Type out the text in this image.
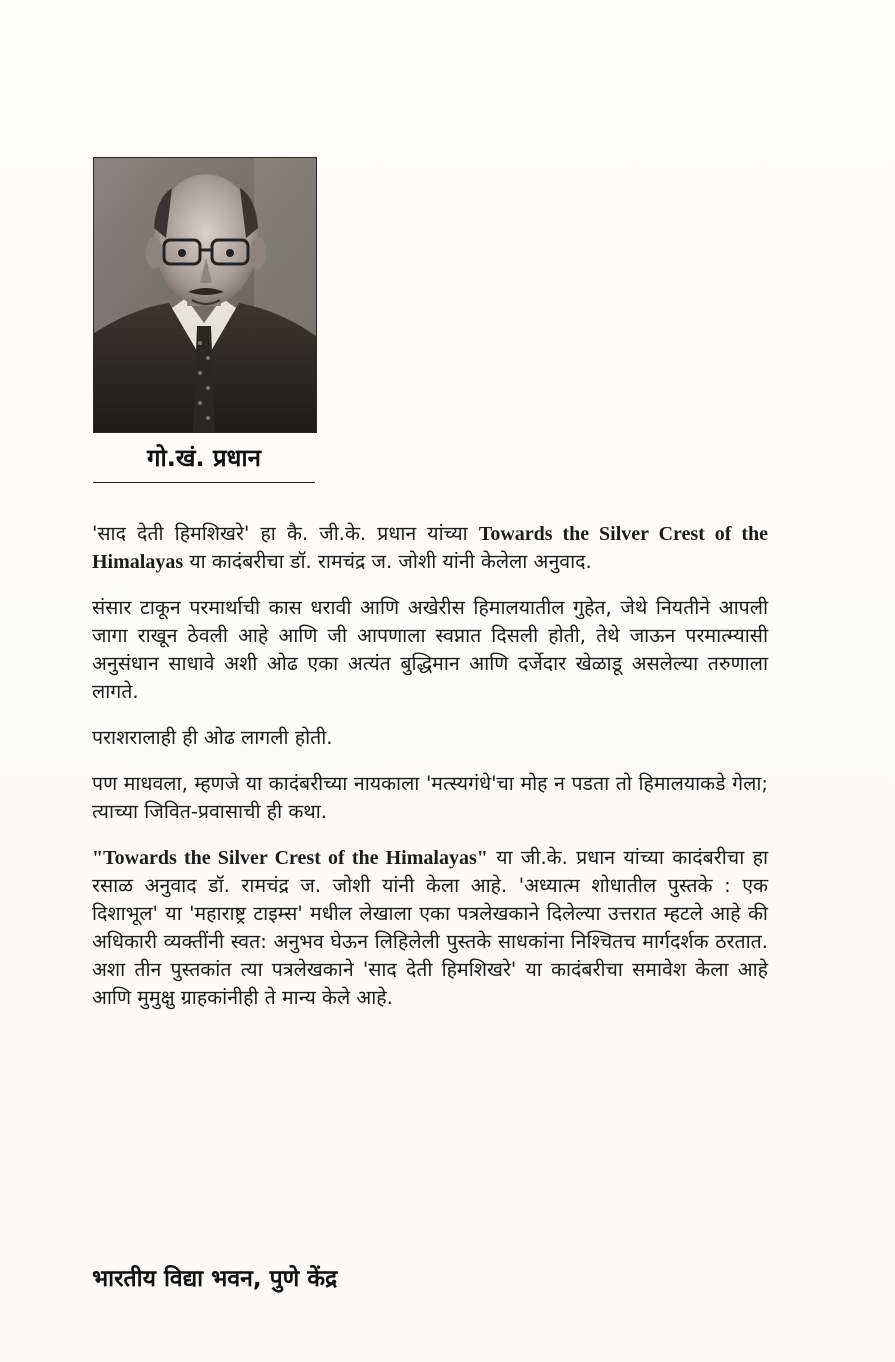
गो.खं. प्रधान

'साद देती हिमशिखरे' हा कै. जी.के. प्रधान यांच्या Towards the Silver Crest of the Himalayas या कादंबरीचा डॉ. रामचंद्र ज. जोशी यांनी केलेला अनुवाद.

संसार टाकून परमार्थाची कास धरावी आणि अखेरीस हिमालयातील गुहेत, जेथे नियतीने आपली जागा राखून ठेवली आहे आणि जी आपणाला स्वप्नात दिसली होती, तेथे जाऊन परमात्म्यासी अनुसंधान साधावे अशी ओढ एका अत्यंत बुद्धिमान आणि दर्जेदार खेळाडू असलेल्या तरुणाला लागते.

पराशरालाही ही ओढ लागली होती.

पण माधवला, म्हणजे या कादंबरीच्या नायकाला 'मत्स्यगंधे'चा मोह न पडता तो हिमालयाकडे गेला; त्याच्या जिवित-प्रवासाची ही कथा.

"Towards the Silver Crest of the Himalayas" या जी.के. प्रधान यांच्या कादंबरीचा हा रसाळ अनुवाद डॉ. रामचंद्र ज. जोशी यांनी केला आहे. 'अध्यात्म शोधातील पुस्तके : एक दिशाभूल' या 'महाराष्ट्र टाइम्स' मधील लेखाला एका पत्रलेखकाने दिलेल्या उत्तरात म्हटले आहे की अधिकारी व्यक्तींनी स्वत: अनुभव घेऊन लिहिलेली पुस्तके साधकांना निश्चितच मार्गदर्शक ठरतात. अशा तीन पुस्तकांत त्या पत्रलेखकाने 'साद देती हिमशिखरे' या कादंबरीचा समावेश केला आहे आणि मुमुक्षु ग्राहकांनीही ते मान्य केले आहे.

भारतीय विद्या भवन, पुणे केंद्र
